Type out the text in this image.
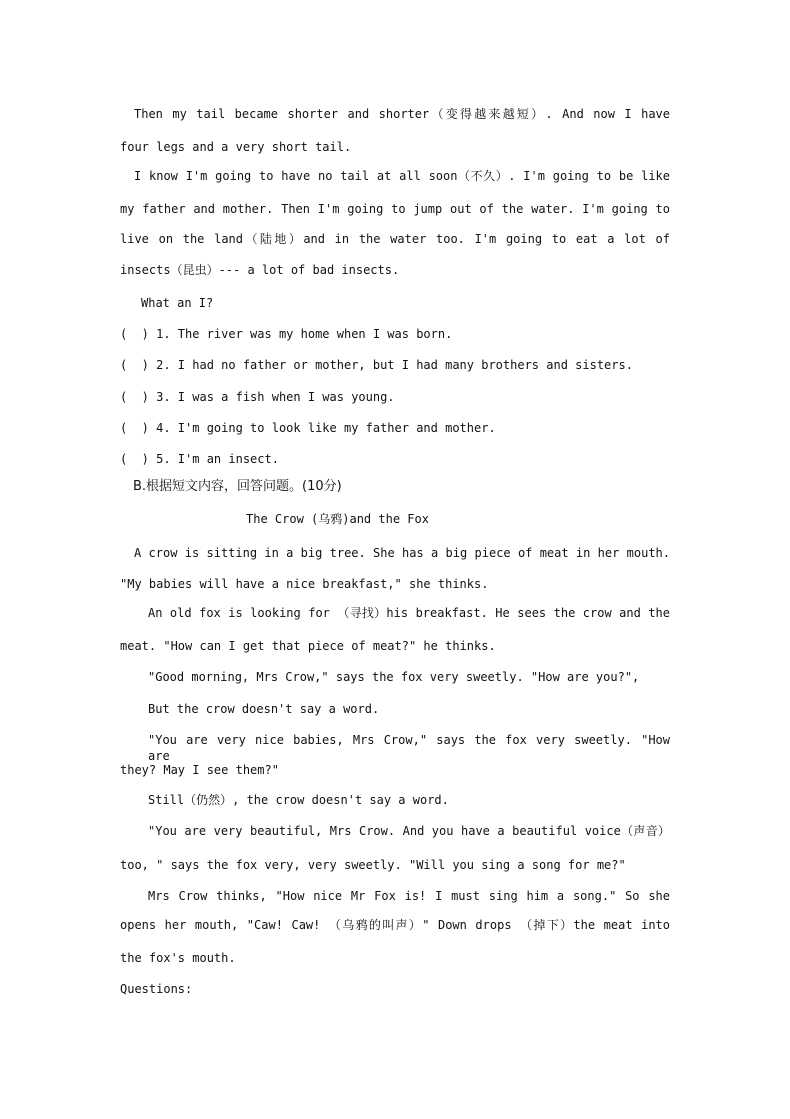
Then my tail became shorter and shorter（变得越来越短）. And now I have
four legs and a very short tail.
I know I'm going to have no tail at all soon（不久）. I'm going to be like
my father and mother. Then I'm going to jump out of the water. I'm going to
live on the land（陆地）and in the water too. I'm going to eat a lot of
insects（昆虫）--- a lot of bad insects.
What an I?
(  ) 1. The river was my home when I was born.
(  ) 2. I had no father or mother, but I had many brothers and sisters.
(  ) 3. I was a fish when I was young.
(  ) 4. I'm going to look like my father and mother.
(  ) 5. I'm an insect.
B.根据短文内容，回答问题。(10分)
The Crow (乌鸦)and the Fox
A crow is sitting in a big tree. She has a big piece of meat in her mouth.
"My babies will have a nice breakfast," she thinks.
An old fox is looking for （寻找）his breakfast. He sees the crow and the
meat. "How can I get that piece of meat?" he thinks.
"Good morning, Mrs Crow," says the fox very sweetly. "How are you?",
But the crow doesn't say a word.
"You are very nice babies, Mrs Crow," says the fox very sweetly. "How are
they? May I see them?"
Still（仍然）, the crow doesn't say a word.
"You are very beautiful, Mrs Crow. And you have a beautiful voice（声音）
too, " says the fox very, very sweetly. "Will you sing a song for me?"
Mrs Crow thinks, "How nice Mr Fox is! I must sing him a song." So she
opens her mouth, "Caw! Caw! （乌鸦的叫声）" Down drops （掉下）the meat into
the fox's mouth.
Questions:
